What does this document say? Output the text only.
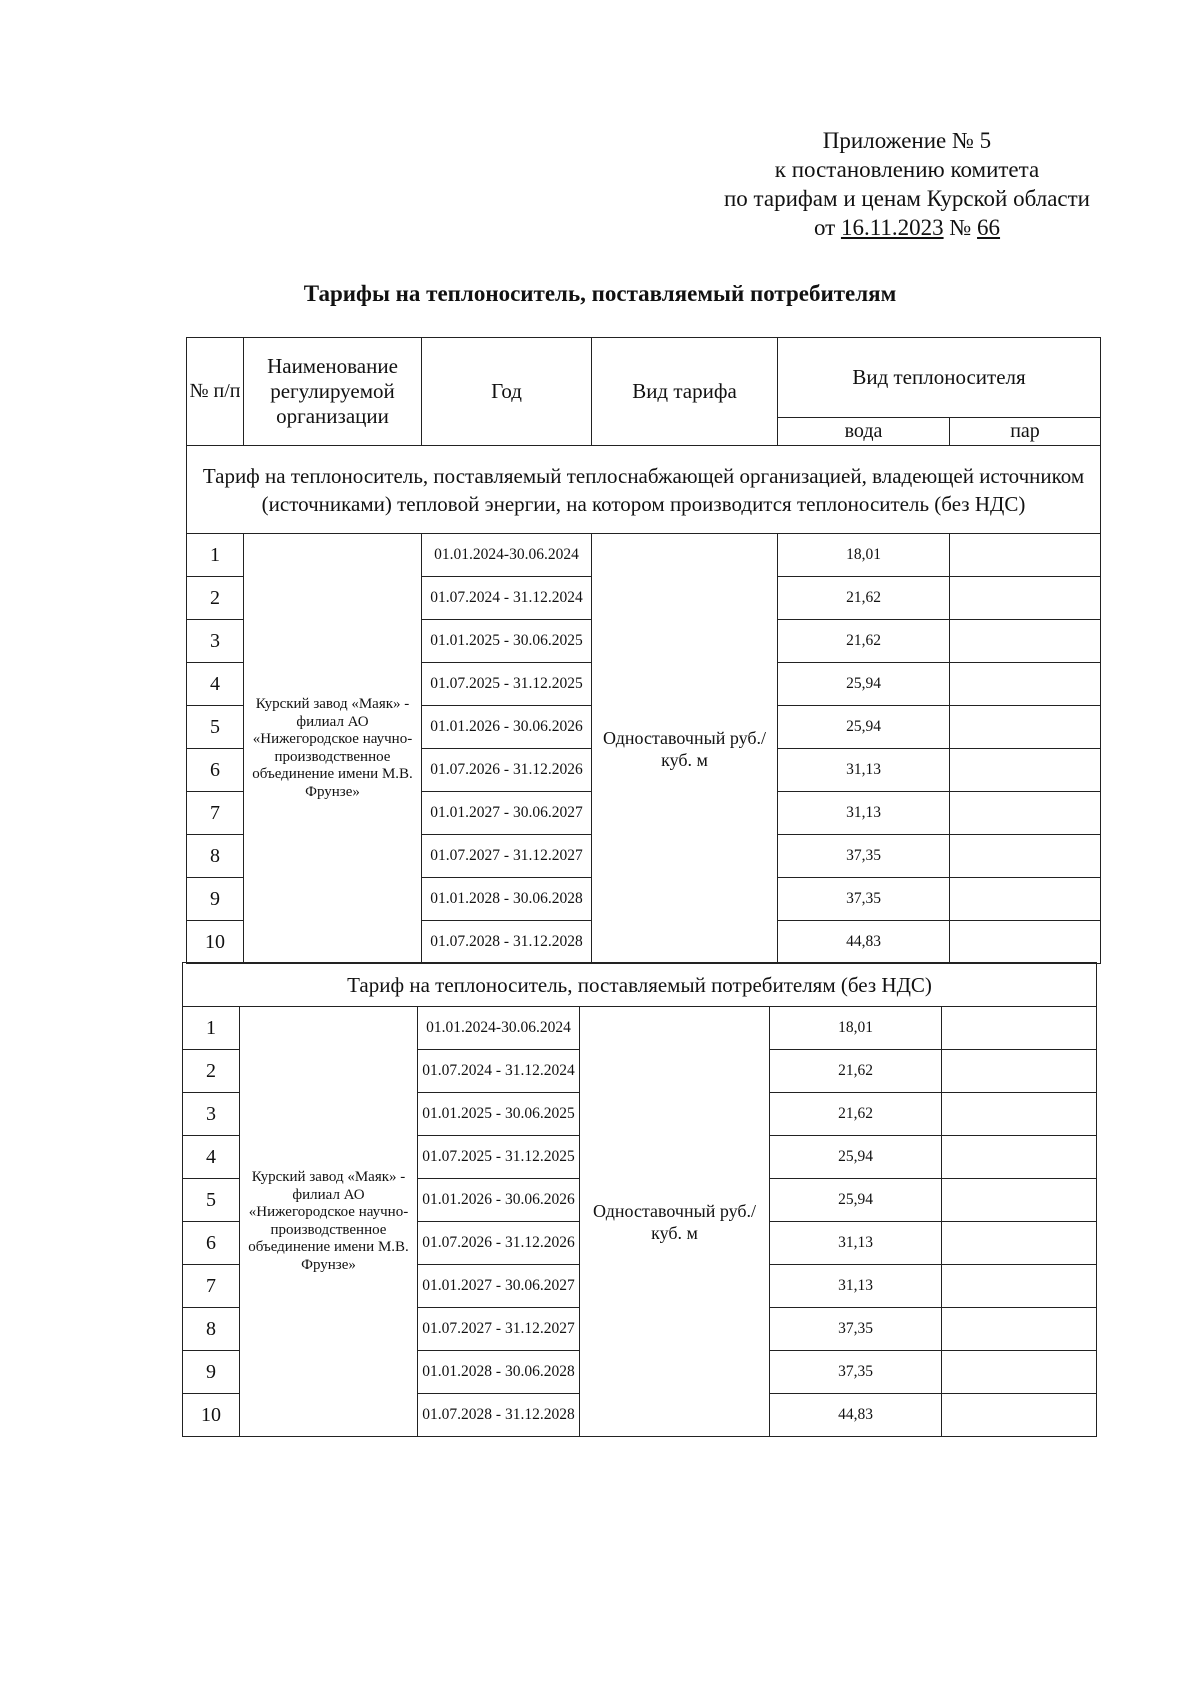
Приложение № 5
к постановлению комитета
по тарифам и ценам Курской области
от 16.11.2023 № 66
Тарифы на теплоноситель, поставляемый потребителям
№ п/п	Наименование регулируемой организации	Год	Вид тарифа	Вид теплоносителя	
				вода	пар
Тариф на теплоноситель, поставляемый теплоснабжающей организацией, владеющей источником (источниками) тепловой энергии, на котором производится теплоноситель (без НДС)					
1	Курский завод «Маяк» - филиал АО «Нижегородское научно-производственное объединение имени М.В. Фрунзе»	01.01.2024-30.06.2024	Одноставочный руб./куб. м	18,01	
2		01.07.2024 - 31.12.2024		21,62	
3		01.01.2025 - 30.06.2025		21,62	
4		01.07.2025 - 31.12.2025		25,94	
5		01.01.2026 - 30.06.2026		25,94	
6		01.07.2026 - 31.12.2026		31,13	
7		01.01.2027 - 30.06.2027		31,13	
8		01.07.2027 - 31.12.2027		37,35	
9		01.01.2028 - 30.06.2028		37,35	
10		01.07.2028 - 31.12.2028		44,83	
Тариф на теплоноситель, поставляемый потребителям (без НДС)					
1	Курский завод «Маяк» - филиал АО «Нижегородское научно-производственное объединение имени М.В. Фрунзе»	01.01.2024-30.06.2024	Одноставочный руб./куб. м	18,01	
2		01.07.2024 - 31.12.2024		21,62	
3		01.01.2025 - 30.06.2025		21,62	
4		01.07.2025 - 31.12.2025		25,94	
5		01.01.2026 - 30.06.2026		25,94	
6		01.07.2026 - 31.12.2026		31,13	
7		01.01.2027 - 30.06.2027		31,13	
8		01.07.2027 - 31.12.2027		37,35	
9		01.01.2028 - 30.06.2028		37,35	
10		01.07.2028 - 31.12.2028		44,83	
